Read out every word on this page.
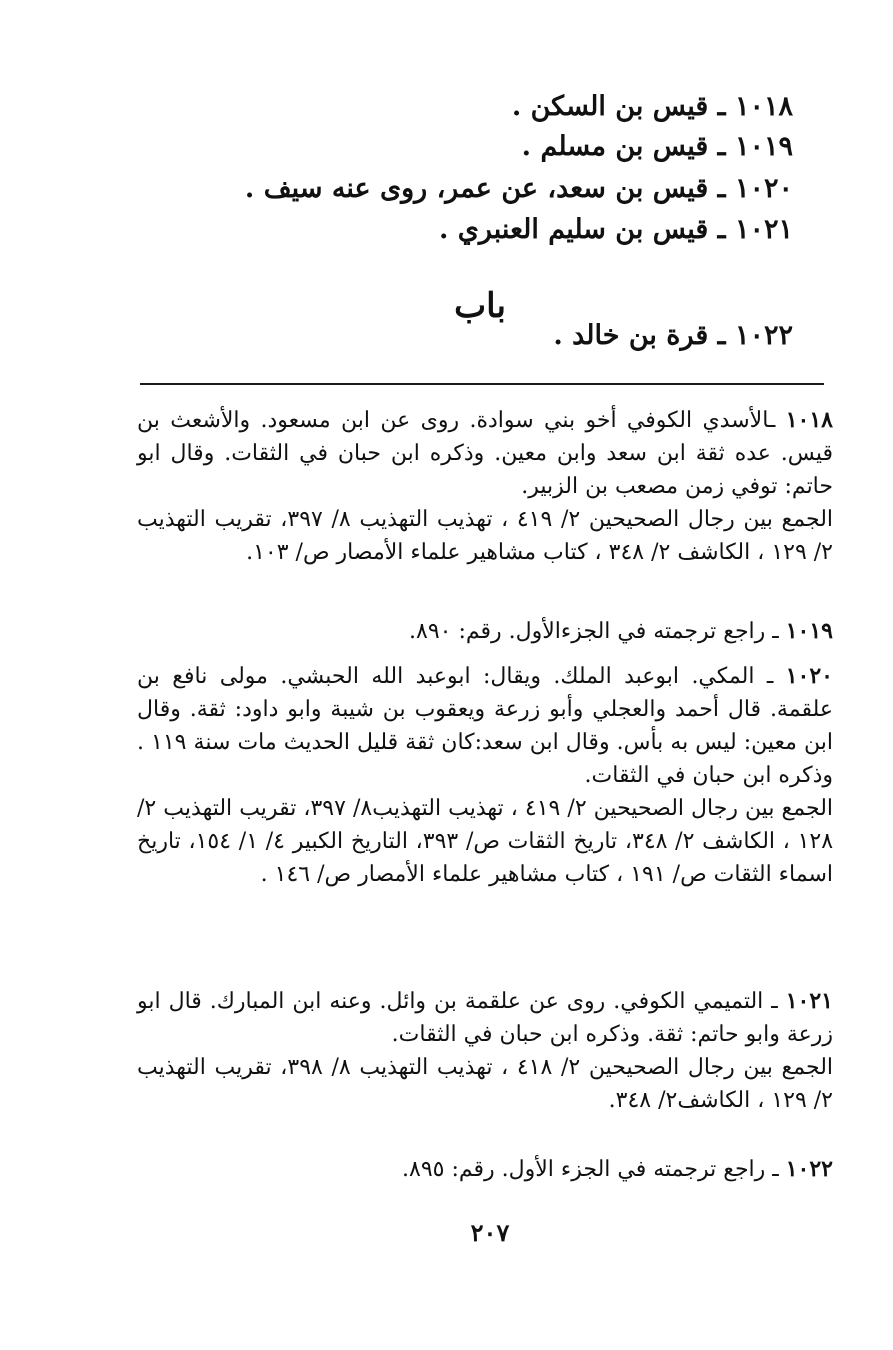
١٠١٨ ـ قيس بن السكن .
١٠١٩ ـ قيس بن مسلم .
١٠٢٠ ـ قيس بن سعد، عن عمر، روى عنه سيف .
١٠٢١ ـ قيس بن سليم العنبري .
باب
١٠٢٢ ـ قرة بن خالد .
١٠١٨ ـالأسدي الكوفي أخو بني سوادة. روى عن ابن مسعود. والأشعث بن قيس. عده ثقة ابن سعد وابن معين. وذكره ابن حبان في الثقات. وقال ابو حاتم: توفي زمن مصعب بن الزبير.
الجمع بين رجال الصحيحين ٢/ ٤١٩ ، تهذيب التهذيب ٨/ ٣٩٧، تقريب التهذيب ٢/ ١٢٩ ، الكاشف ٢/ ٣٤٨ ، كتاب مشاهير علماء الأمصار ص/ ١٠٣.
١٠١٩ ـ راجع ترجمته في الجزءالأول. رقم: ٨٩٠.
١٠٢٠ ـ المكي. ابوعبد الملك. ويقال: ابوعبد الله الحبشي. مولى نافع بن علقمة. قال أحمد والعجلي وأبو زرعة ويعقوب بن شيبة وابو داود: ثقة. وقال ابن معين: ليس به بأس. وقال ابن سعد:كان ثقة قليل الحديث مات سنة ١١٩ . وذكره ابن حبان في الثقات.
الجمع بين رجال الصحيحين ٢/ ٤١٩ ، تهذيب التهذيب٨/ ٣٩٧، تقريب التهذيب ٢/ ١٢٨ ، الكاشف ٢/ ٣٤٨، تاريخ الثقات ص/ ٣٩٣، التاريخ الكبير ٤/ ١/ ١٥٤، تاريخ اسماء الثقات ص/ ١٩١ ، كتاب مشاهير علماء الأمصار ص/ ١٤٦ .
١٠٢١ ـ التميمي الكوفي. روى عن علقمة بن وائل. وعنه ابن المبارك. قال ابو زرعة وابو حاتم: ثقة. وذكره ابن حبان في الثقات.
الجمع بين رجال الصحيحين ٢/ ٤١٨ ، تهذيب التهذيب ٨/ ٣٩٨، تقريب التهذيب ٢/ ١٢٩ ، الكاشف٢/ ٣٤٨.
١٠٢٢ ـ راجع ترجمته في الجزء الأول. رقم: ٨٩٥.
٢٠٧
